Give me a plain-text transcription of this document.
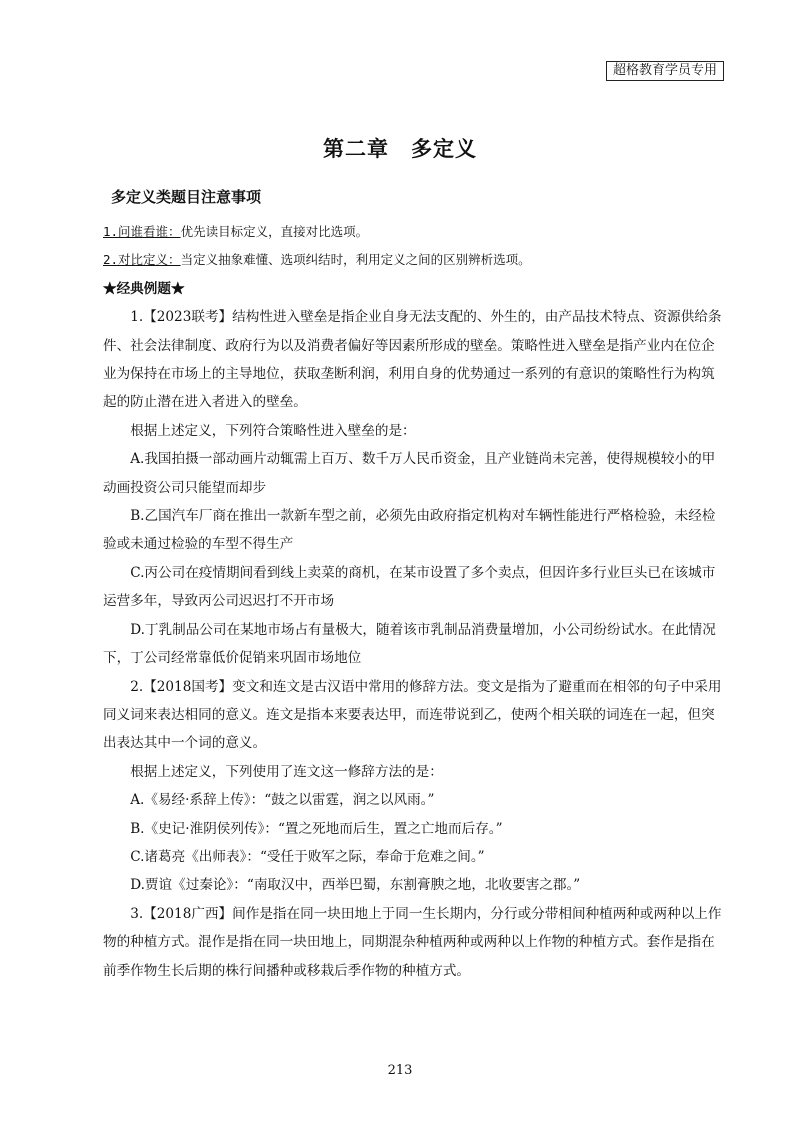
超格教育学员专用
第二章　多定义
多定义类题目注意事项

1.问谁看谁：优先读目标定义，直接对比选项。

2.对比定义：当定义抽象难懂、选项纠结时，利用定义之间的区别辨析选项。

★经典例题★

1.【2023联考】结构性进入壁垒是指企业自身无法支配的、外生的，由产品技术特点、资源供给条件、社会法律制度、政府行为以及消费者偏好等因素所形成的壁垒。策略性进入壁垒是指产业内在位企业为保持在市场上的主导地位，获取垄断利润，利用自身的优势通过一系列的有意识的策略性行为构筑起的防止潜在进入者进入的壁垒。

根据上述定义，下列符合策略性进入壁垒的是：

A.我国拍摄一部动画片动辄需上百万、数千万人民币资金，且产业链尚未完善，使得规模较小的甲动画投资公司只能望而却步

B.乙国汽车厂商在推出一款新车型之前，必须先由政府指定机构对车辆性能进行严格检验，未经检验或未通过检验的车型不得生产

C.丙公司在疫情期间看到线上卖菜的商机，在某市设置了多个卖点，但因许多行业巨头已在该城市运营多年，导致丙公司迟迟打不开市场

D.丁乳制品公司在某地市场占有量极大，随着该市乳制品消费量增加，小公司纷纷试水。在此情况下，丁公司经常靠低价促销来巩固市场地位

2.【2018国考】变文和连文是古汉语中常用的修辞方法。变文是指为了避重而在相邻的句子中采用同义词来表达相同的意义。连文是指本来要表达甲，而连带说到乙，使两个相关联的词连在一起，但突出表达其中一个词的意义。

根据上述定义，下列使用了连文这一修辞方法的是：

A.《易经·系辞上传》：“鼓之以雷霆，润之以风雨。”

B.《史记·淮阴侯列传》：“置之死地而后生，置之亡地而后存。”

C.诸葛亮《出师表》：“受任于败军之际，奉命于危难之间。”

D.贾谊《过秦论》：“南取汉中，西举巴蜀，东割膏腴之地，北收要害之郡。”

3.【2018广西】间作是指在同一块田地上于同一生长期内，分行或分带相间种植两种或两种以上作物的种植方式。混作是指在同一块田地上，同期混杂种植两种或两种以上作物的种植方式。套作是指在前季作物生长后期的株行间播种或移栽后季作物的种植方式。

213
